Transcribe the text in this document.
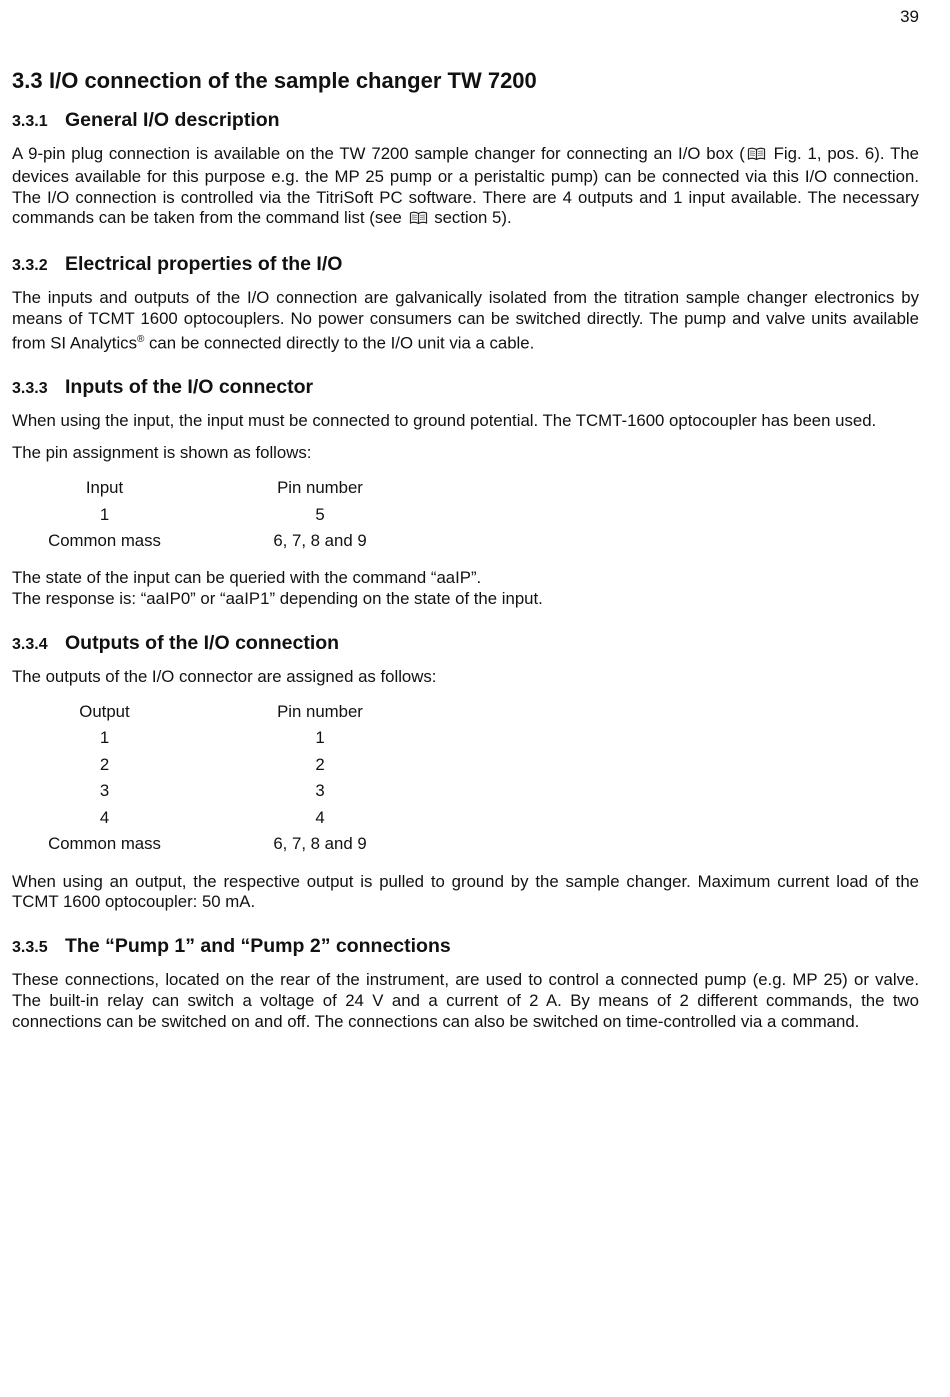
39
3.3 I/O connection of the sample changer TW 7200
3.3.1 General I/O description

A 9-pin plug connection is available on the TW 7200 sample changer for connecting an I/O box ( Fig. 1, pos. 6). The devices available for this purpose e.g. the MP 25 pump or a peristaltic pump) can be connected via this I/O connection. The I/O connection is controlled via the TitriSoft PC software. There are 4 outputs and 1 input available. The necessary commands can be taken from the command list (see  section 5).

3.3.2 Electrical properties of the I/O

The inputs and outputs of the I/O connection are galvanically isolated from the titration sample changer electronics by means of TCMT 1600 optocouplers. No power consumers can be switched directly. The pump and valve units available from SI Analytics® can be connected directly to the I/O unit via a cable.

3.3.3 Inputs of the I/O connector

When using the input, the input must be connected to ground potential. The TCMT-1600 optocoupler has been used.

The pin assignment is shown as follows:

Input	Pin number
1	5
Common mass	6, 7, 8 and 9

The state of the input can be queried with the command “aaIP”.

The response is: “aaIP0” or “aaIP1” depending on the state of the input.

3.3.4 Outputs of the I/O connection

The outputs of the I/O connector are assigned as follows:

Output	Pin number
1	1
2	2
3	3
4	4
Common mass	6, 7, 8 and 9

When using an output, the respective output is pulled to ground by the sample changer. Maximum current load of the TCMT 1600 optocoupler: 50 mA.

3.3.5 The “Pump 1” and “Pump 2” connections

These connections, located on the rear of the instrument, are used to control a connected pump (e.g. MP 25) or valve. The built-in relay can switch a voltage of 24 V and a current of 2 A. By means of 2 different commands, the two connections can be switched on and off. The connections can also be switched on time-controlled via a command.
